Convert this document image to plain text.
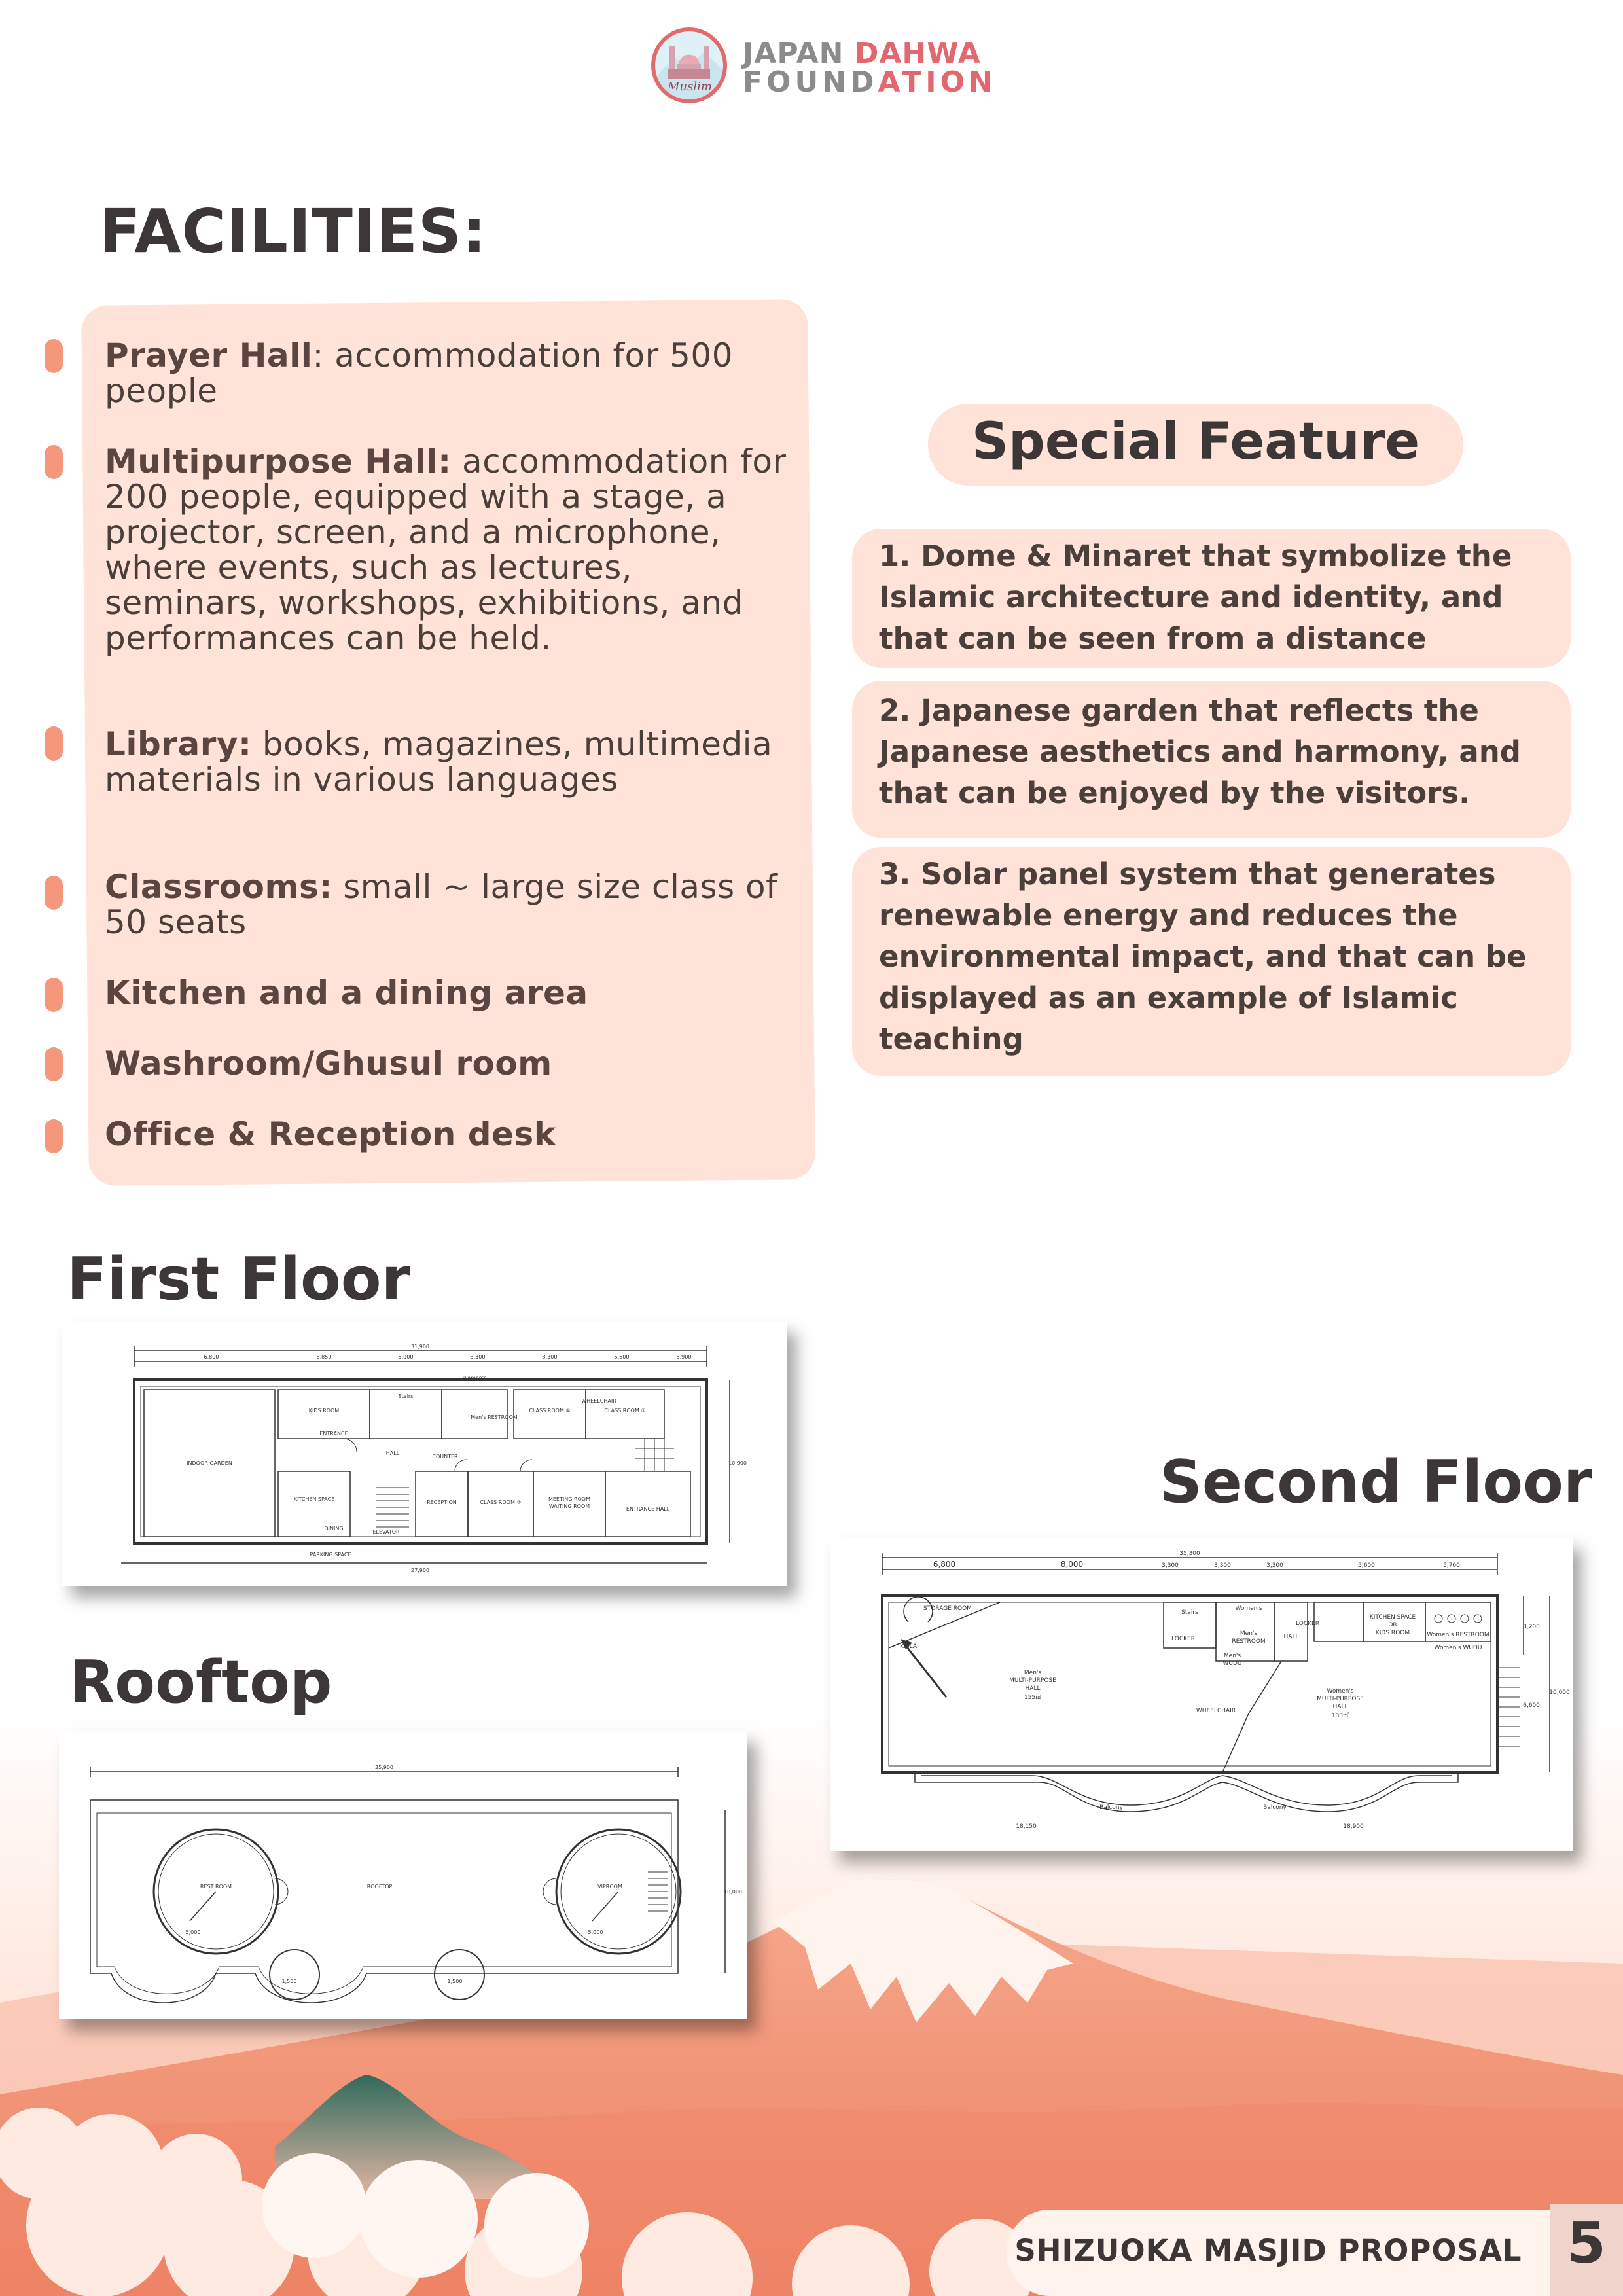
Muslim
JAPAN DAHWA
FOUNDATION
FACILITIES:
Prayer Hall: accommodation for 500 people
Multipurpose Hall: accommodation for 200 people, equipped with a stage, a projector, screen, and a microphone, where events, such as lectures, seminars, workshops, exhibitions, and performances can be held.
Library: books, magazines, multimedia materials in various languages
Classrooms: small ~ large size class of 50 seats
Kitchen and a dining area
Washroom/Ghusul room
Office & Reception desk
Special Feature
1. Dome & Minaret that symbolize the Islamic architecture and identity, and that can be seen from a distance
2. Japanese garden that reflects the Japanese aesthetics and harmony, and that can be enjoyed by the visitors.
3. Solar panel system that generates renewable energy and reduces the environmental impact, and that can be displayed as an example of Islamic teaching
First Floor
31,900
6,800	6,850	5,000	3,300	3,300	5,600	5,900
27,900
10,900
INDOOR GARDEN
KIDS ROOM
Stairs
Women's
Men's RESTROOM
CLASS ROOM ①
WHEELCHAIR
CLASS ROOM ②
KITCHEN SPACE
HALL
COUNTER
RECEPTION	CLASS ROOM ③
MEETING ROOM
WAITING ROOM	ENTRANCE HALL
ENTRANCE
DINING
ELEVATOR
PARKING SPACE
Second Floor
35,300
6,800	8,000	3,300	3,300	3,300	5,600	5,700
18,150	18,900
10,000
3,200
6,600
STORAGE ROOM
KIBLA
Men's
MULTI-PURPOSE
HALL
155㎡
Stairs
Women's
LOCKER
Men's
RESTROOM
Men's
WUDU
HALL
LOCKER
KITCHEN SPACE
OR
KIDS ROOM	Women's RESTROOM
Women's WUDU
WHEELCHAIR
Women's
MULTI-PURPOSE
HALL
133㎡
Balcony	Balcony
Rooftop
35,900
10,000
REST ROOM	ROOFTOP	VIPROOM
5,000	5,000
1,500	1,500
SHIZUOKA MASJID PROPOSAL 5
